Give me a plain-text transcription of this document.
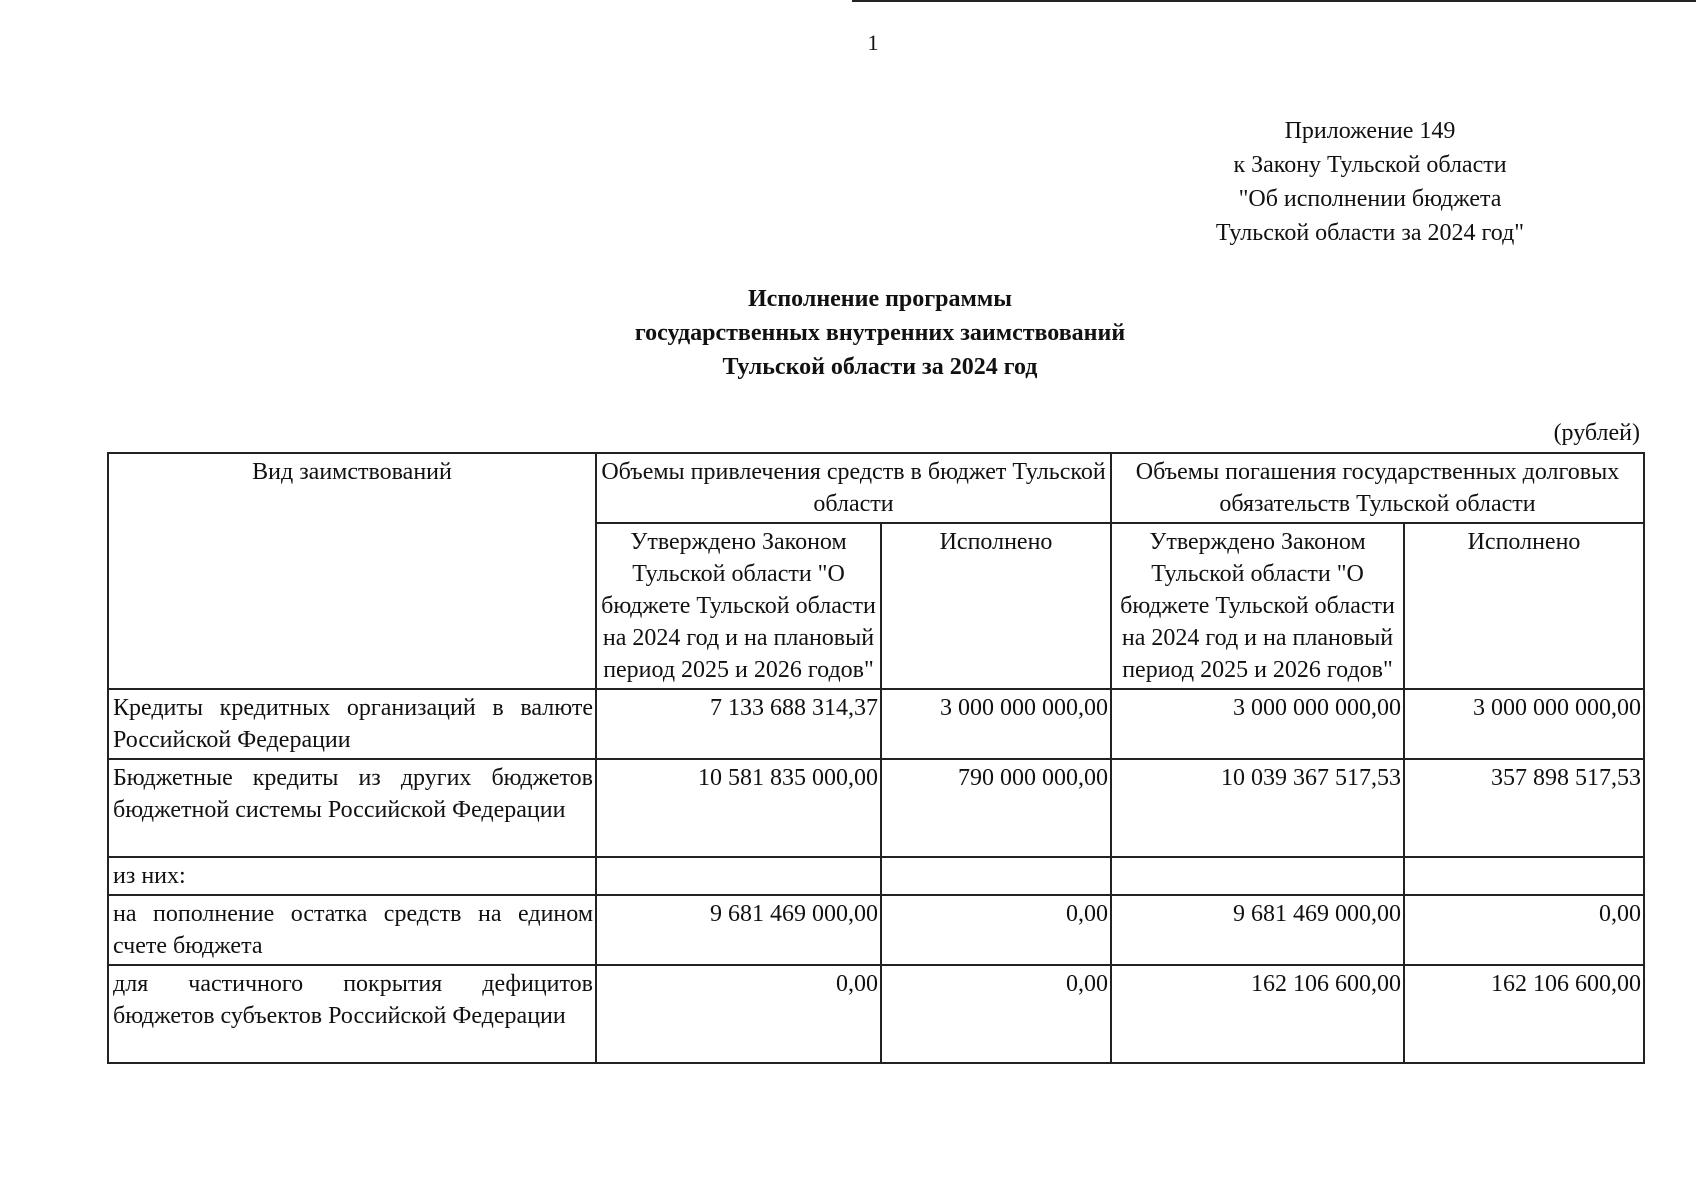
1
Приложение 149
к Закону Тульской области
"Об исполнении бюджета
Тульской области за 2024 год"
Исполнение программы
государственных внутренних заимствований
Тульской области за 2024 год
(рублей)
Вид заимствований	Объемы привлечения средств в бюджет Тульской области		Объемы погашения государственных долговых обязательств Тульской области	
	Утверждено Законом Тульской области "О бюджете Тульской области на 2024 год и на плановый период 2025 и 2026 годов"	Исполнено	Утверждено Законом Тульской области "О бюджете Тульской области на 2024 год и на плановый период 2025 и 2026 годов"	Исполнено
Кредиты кредитных организаций в валюте Российской Федерации	7 133 688 314,37	3 000 000 000,00	3 000 000 000,00	3 000 000 000,00
Бюджетные кредиты из других бюджетов бюджетной системы Российской Федерации	10 581 835 000,00	790 000 000,00	10 039 367 517,53	357 898 517,53
из них:				
на пополнение остатка средств на едином счете бюджета	9 681 469 000,00	0,00	9 681 469 000,00	0,00
для частичного покрытия дефицитов бюджетов субъектов Российской Федерации	0,00	0,00	162 106 600,00	162 106 600,00
